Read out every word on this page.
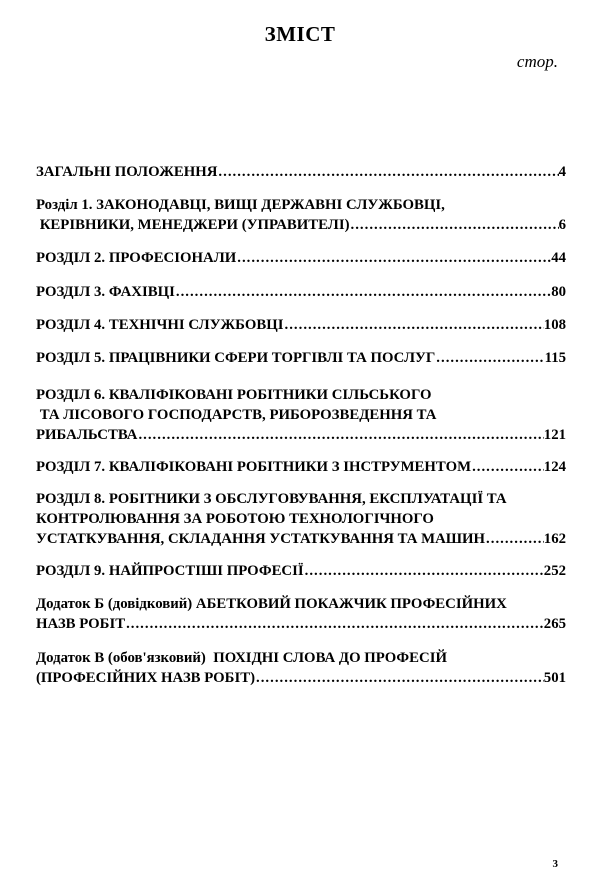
ЗМІСТ
стор.
ЗАГАЛЬНІ ПОЛОЖЕННЯ .....	4
Розділ 1. ЗАКОНОДАВЦІ, ВИЩІ ДЕРЖАВНІ СЛУЖБОВЦІ,
КЕРІВНИКИ, МЕНЕДЖЕРИ (УПРАВИТЕЛІ) .....	6
РОЗДІЛ 2. ПРОФЕСІОНАЛИ .....	44
РОЗДІЛ 3. ФАХІВЦІ .....	80
РОЗДІЛ 4. ТЕХНІЧНІ СЛУЖБОВЦІ .....	108
РОЗДІЛ 5. ПРАЦІВНИКИ СФЕРИ ТОРГІВЛІ ТА ПОСЛУГ .....	115
РОЗДІЛ 6. КВАЛІФІКОВАНІ РОБІТНИКИ СІЛЬСЬКОГО
ТА ЛІСОВОГО ГОСПОДАРСТВ, РИБОРОЗВЕДЕННЯ ТА
РИБАЛЬСТВА .....	121
РОЗДІЛ 7. КВАЛІФІКОВАНІ РОБІТНИКИ З ІНСТРУМЕНТОМ .....	124
РОЗДІЛ 8. РОБІТНИКИ З ОБСЛУГОВУВАННЯ, ЕКСПЛУАТАЦІЇ ТА
КОНТРОЛЮВАННЯ ЗА РОБОТОЮ ТЕХНОЛОГІЧНОГО
УСТАТКУВАННЯ, СКЛАДАННЯ УСТАТКУВАННЯ ТА МАШИН .....	162
РОЗДІЛ 9. НАЙПРОСТІШІ ПРОФЕСІЇ .....	252
Додаток Б (довідковий) АБЕТКОВИЙ ПОКАЖЧИК ПРОФЕСІЙНИХ
НАЗВ РОБІТ .....	265
Додаток В (обов'язковий)  ПОХІДНІ СЛОВА ДО ПРОФЕСІЙ
(ПРОФЕСІЙНИХ НАЗВ РОБІТ) .....	501
3
